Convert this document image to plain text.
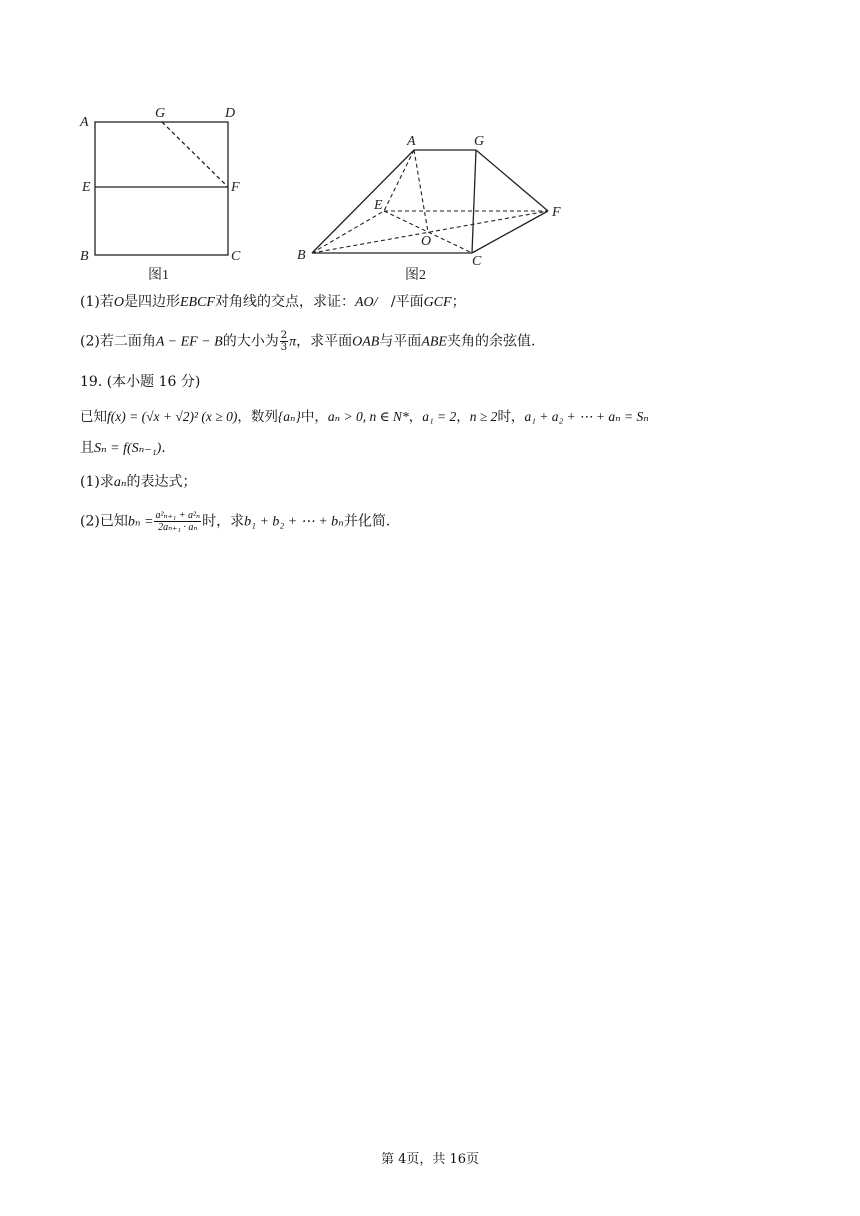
A
G	D
E	F
B	C
图1
A	G
E	F
O
B	C
图2
(1)若O是四边形EBCF对角线的交点，求证：AO/ /平面GCF；
(2)若二面角A − EF − B的大小为 $\frac{2}{3}$ π，求平面OAB与平面ABE夹角的余弦值.
19. (本小题 16 分)
已知f(x) = (√x + √2)² (x ≥ 0)，数列{aₙ}中，aₙ > 0, n ∈ N*，a₁ = 2，n ≥ 2时，a₁ + a₂ + ⋯ + aₙ = Sₙ
且Sₙ = f(Sₙ₋₁).
(1)求aₙ的表达式；
(2)已知$b_n = \frac{\text{a²ₙ₊₁ + a²ₙ}}{\text{2aₙ₊₁ · aₙ}}$ 时，求b₁ + b₂ + ⋯ + bₙ并化简.
第 4页，共 16页
